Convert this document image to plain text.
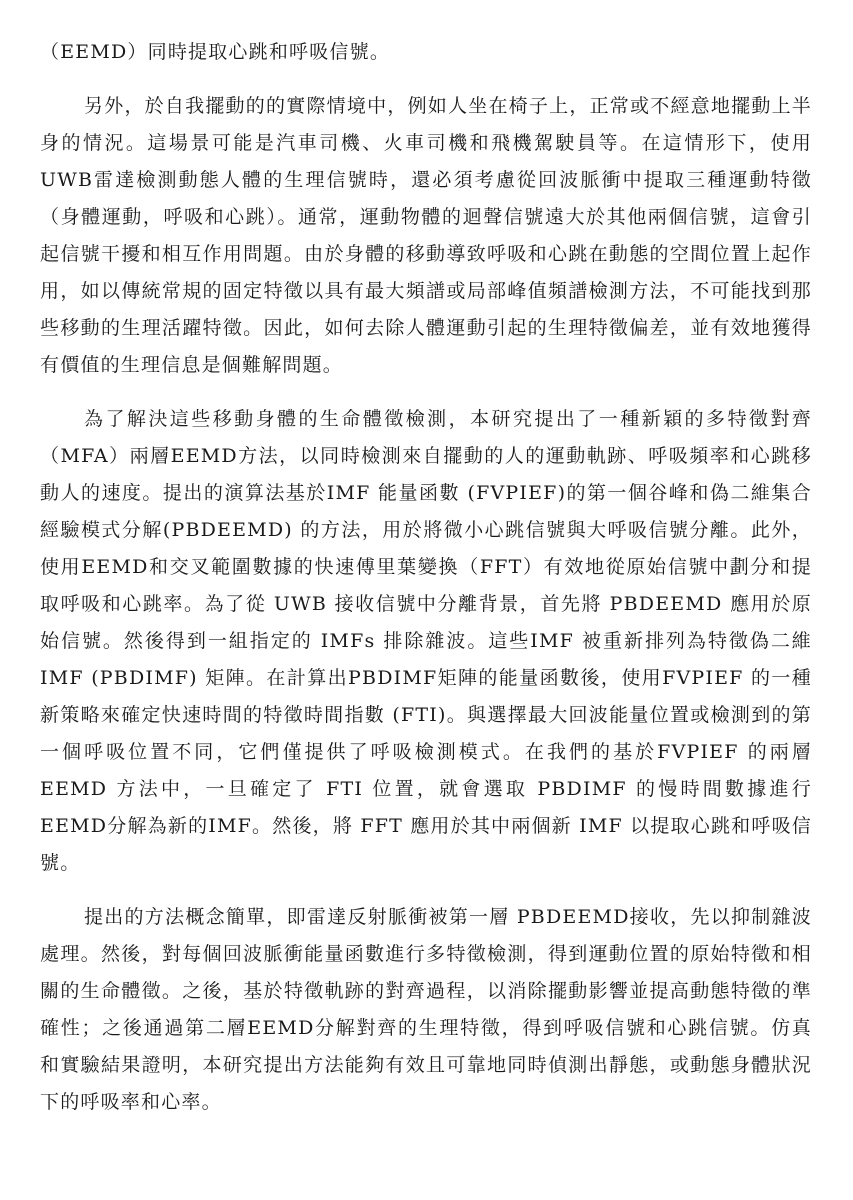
（EEMD）同時提取心跳和呼吸信號。

另外，於自我擺動的的實際情境中，例如人坐在椅子上，正常或不經意地擺動上半身的情況。這場景可能是汽車司機、火車司機和飛機駕駛員等。在這情形下，使用UWB雷達檢測動態人體的生理信號時，還必須考慮從回波脈衝中提取三種運動特徵（身體運動，呼吸和心跳）。通常，運動物體的迴聲信號遠大於其他兩個信號，這會引起信號干擾和相互作用問題。由於身體的移動導致呼吸和心跳在動態的空間位置上起作用，如以傳統常規的固定特徵以具有最大頻譜或局部峰值頻譜檢測方法，不可能找到那些移動的生理活躍特徵。因此，如何去除人體運動引起的生理特徵偏差，並有效地獲得有價值的生理信息是個難解問題。

為了解決這些移動身體的生命體徵檢測，本研究提出了一種新穎的多特徵對齊（MFA）兩層EEMD方法，以同時檢測來自擺動的人的運動軌跡、呼吸頻率和心跳移動人的速度。提出的演算法基於IMF 能量函數 (FVPIEF)的第一個谷峰和偽二維集合經驗模式分解(PBDEEMD) 的方法，用於將微小心跳信號與大呼吸信號分離。此外，使用EEMD和交叉範圍數據的快速傅里葉變換（FFT）有效地從原始信號中劃分和提取呼吸和心跳率。為了從 UWB 接收信號中分離背景，首先將 PBDEEMD 應用於原始信號。然後得到一組指定的 IMFs 排除雜波。這些IMF 被重新排列為特徵偽二維IMF (PBDIMF) 矩陣。在計算出PBDIMF矩陣的能量函數後，使用FVPIEF 的一種新策略來確定快速時間的特徵時間指數 (FTI)。與選擇最大回波能量位置或檢測到的第一個呼吸位置不同，它們僅提供了呼吸檢測模式。在我們的基於FVPIEF 的兩層 EEMD 方法中，一旦確定了 FTI 位置，就會選取 PBDIMF 的慢時間數據進行 EEMD分解為新的IMF。然後，將 FFT 應用於其中兩個新 IMF 以提取心跳和呼吸信號。

提出的方法概念簡單，即雷達反射脈衝被第一層 PBDEEMD接收，先以抑制雜波處理。然後，對每個回波脈衝能量函數進行多特徵檢測，得到運動位置的原始特徵和相關的生命體徵。之後，基於特徵軌跡的對齊過程，以消除擺動影響並提高動態特徵的準確性；之後通過第二層EEMD分解對齊的生理特徵，得到呼吸信號和心跳信號。仿真和實驗結果證明，本研究提出方法能夠有效且可靠地同時偵測出靜態，或動態身體狀況下的呼吸率和心率。
